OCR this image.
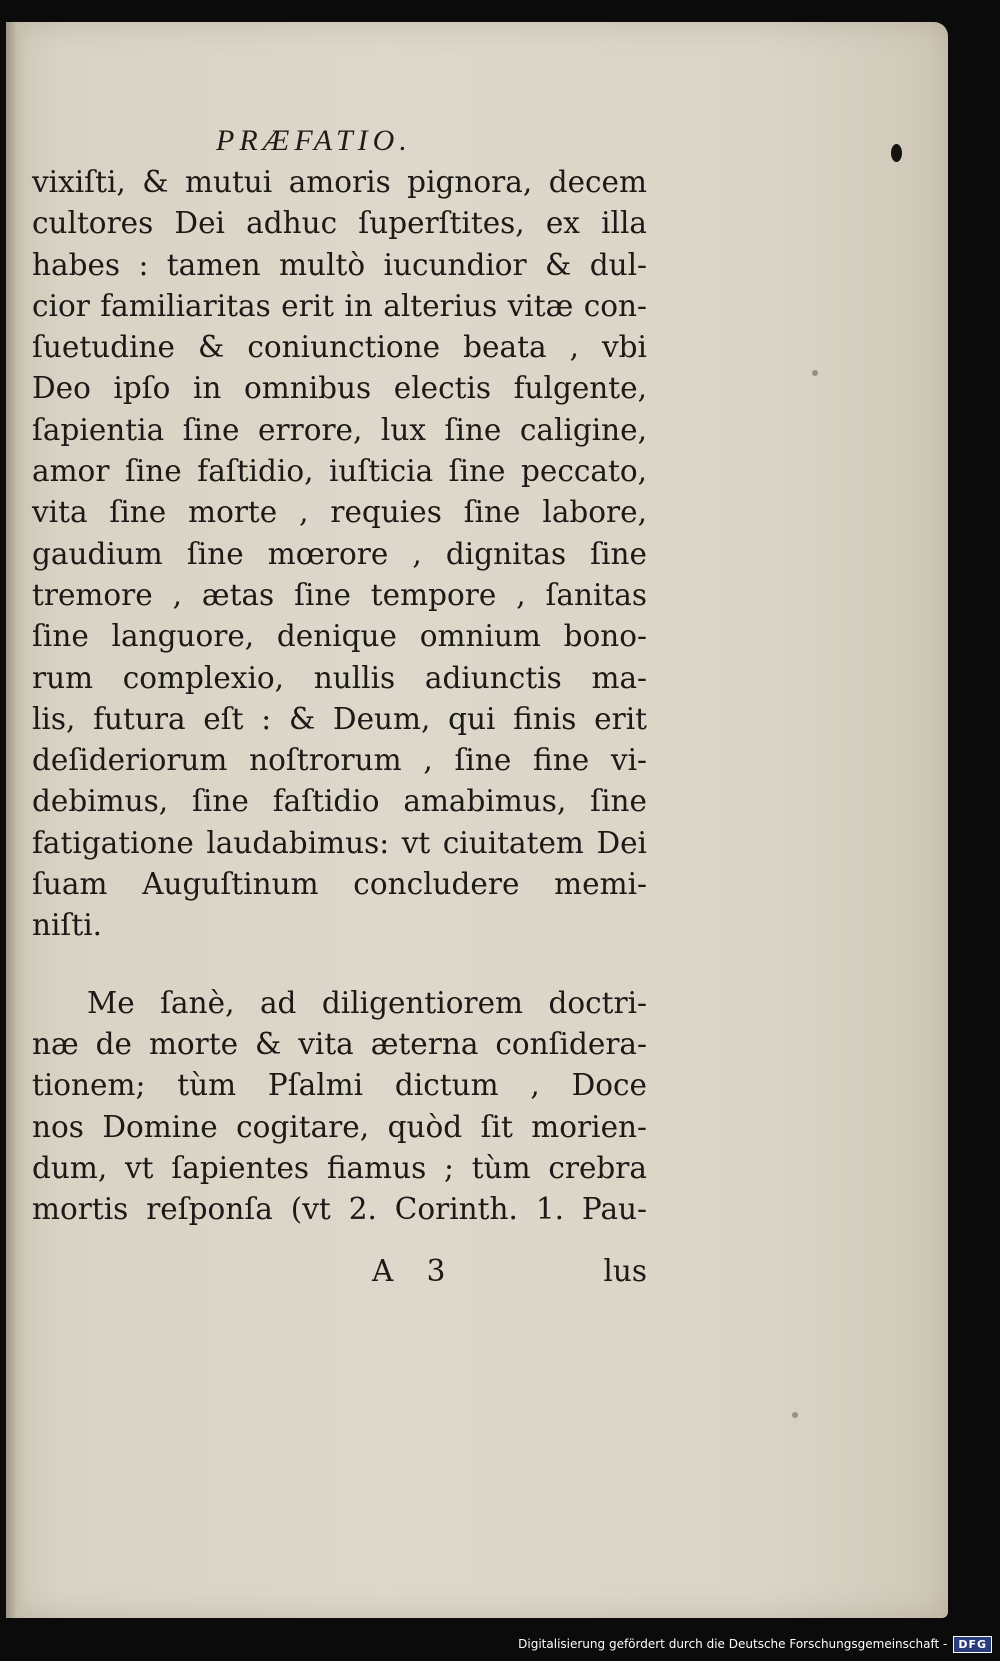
PRÆFATIO.
vixiſti, & mutui amoris pignora, decem
cultores Dei adhuc ſuperſtites, ex illa
habes : tamen multò iucundior & dul-
cior familiaritas erit in alterius vitæ con-
ſuetudine & coniunctione beata , vbi
Deo ipſo in omnibus electis fulgente,
ſapientia ſine errore, lux ſine caligine,
amor ſine faſtidio, iuſticia ſine peccato,
vita ſine morte , requies ſine labore,
gaudium ſine mœrore , dignitas ſine
tremore , ætas ſine tempore , ſanitas
ſine languore, denique omnium bono-
rum complexio, nullis adiunctis ma-
lis, futura eſt : & Deum, qui finis erit
deſideriorum noſtrorum , ſine fine vi-
debimus, ſine faſtidio amabimus, ſine
fatigatione laudabimus: vt ciuitatem Dei
ſuam Auguſtinum concludere memi-
niſti.
Me ſanè, ad diligentiorem doctri-
næ de morte & vita æterna conſidera-
tionem; tùm Pſalmi dictum , Doce
nos Domine cogitare, quòd ſit morien-
dum, vt ſapientes fiamus ; tùm crebra
mortis reſponſa (vt 2. Corinth. 1. Pau-
A 3	lus
Digitalisierung gefördert durch die Deutsche Forschungsgemeinschaft -	DFG
